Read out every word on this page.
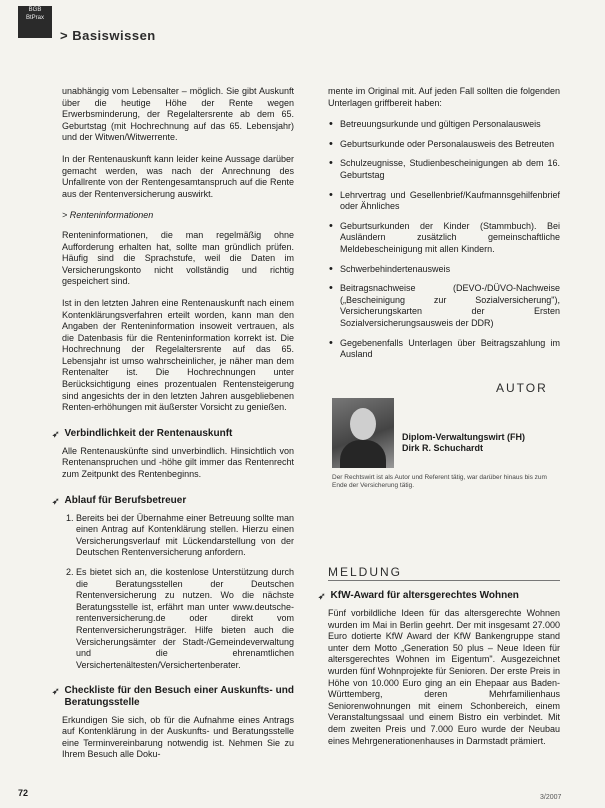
BGB
BtPrax
> Basiswissen

unabhängig vom Lebensalter – möglich. Sie gibt Auskunft über die heutige Höhe der Rente wegen Erwerbsminderung, der Regelaltersrente ab dem 65. Geburtstag (mit Hochrechnung auf das 65. Lebensjahr) und der Witwen/Witwerrente.

In der Rentenauskunft kann leider keine Aussage darüber gemacht werden, was nach der Anrechnung des Unfallrente von der Rentengesamtanspruch auf die Rente aus der Rentenversicherung auswirkt.

> Renteninformationen

Renteninformationen, die man regelmäßig ohne Aufforderung erhalten hat, sollte man gründlich prüfen. Häufig sind die Sprachstufe, weil die Daten im Versicherungskonto nicht vollständig und richtig gespeichert sind.

Ist in den letzten Jahren eine Rentenauskunft nach einem Kontenklärungsverfahren erteilt worden, kann man den Angaben der Renteninformation insoweit vertrauen, als die Datenbasis für die Renteninformation korrekt ist. Die Hochrechnung der Regelaltersrente auf das 65. Lebensjahr ist umso wahrscheinlicher, je näher man dem Rentenalter ist. Die Hochrechnungen unter Berücksichtigung eines prozentualen Rentensteigerung sind angesichts der in den letzten Jahren ausgebliebenen Renten-erhöhungen mit äußerster Vorsicht zu genießen.

➶ Verbindlichkeit der Rentenauskunft

Alle Rentenauskünfte sind unverbindlich. Hinsichtlich von Rentenanspruchen und -höhe gilt immer das Rentenrecht zum Zeitpunkt des Rentenbeginns.

➶ Ablauf für Berufsbetreuer
1. Bereits bei der Übernahme einer Betreuung sollte man einen Antrag auf Kontenklärung stellen. Hierzu einen Versicherungsverlauf mit Lückendarstellung von der Deutschen Rentenversicherung anfordern.
2. Es bietet sich an, die kostenlose Unterstützung durch die Beratungsstellen der Deutschen Rentenversicherung zu nutzen. Wo die nächste Beratungsstelle ist, erfährt man unter www.deutsche-rentenversicherung.de oder direkt vom Rentenversicherungsträger. Hilfe bieten auch die Versicherungsämter der Stadt-/Gemeindeverwaltung und die ehrenamtlichen Versichertenältesten/Versichertenberater.
➶ Checkliste für den Besuch einer Auskunfts- und Beratungsstelle

Erkundigen Sie sich, ob für die Aufnahme eines Antrags auf Kontenklärung in der Auskunfts- und Beratungsstelle eine Terminvereinbarung notwendig ist. Nehmen Sie zu Ihrem Besuch alle Doku-

mente im Original mit. Auf jeden Fall sollten die folgenden Unterlagen griffbereit haben:

• Betreuungsurkunde und gültigen Personalausweis
• Geburtsurkunde oder Personalausweis des Betreuten
• Schulzeugnisse, Studienbescheinigungen ab dem 16. Geburtstag
• Lehrvertrag und Gesellenbrief/Kaufmannsgehilfenbrief oder Ähnliches
• Geburtsurkunden der Kinder (Stammbuch). Bei Ausländern zusätzlich gemeinschaftliche Meldebescheinigung mit allen Kindern.
• Schwerbehindertenausweis
• Beitragsnachweise (DEVO-/DÜVO-Nachweise („Bescheinigung zur Sozialversicherung"), Versicherungskarten der Ersten Sozialversicherungsausweis der DDR)
• Gegebenenfalls Unterlagen über Beitragszahlung im Ausland
AUTOR
Diplom-Verwaltungswirt (FH)
Dirk R. Schuchardt
Der Rechtswirt ist als Autor und Referent tätig, war darüber hinaus bis zum Ende der Versicherung tätig.
MELDUNG
➶ KfW-Award für altersgerechtes Wohnen

Fünf vorbildliche Ideen für das altersgerechte Wohnen wurden im Mai in Berlin geehrt. Der mit insgesamt 27.000 Euro dotierte KfW Award der KfW Bankengruppe stand unter dem Motto „Generation 50 plus – Neue Ideen für altersgerechtes Wohnen im Eigentum". Ausgezeichnet wurden fünf Wohnprojekte für Senioren. Der erste Preis in Höhe von 10.000 Euro ging an ein Ehepaar aus Baden-Württemberg, deren Mehrfamilienhaus Seniorenwohnungen mit einem Schonbereich, einem Veranstaltungssaal und einem Bistro ein verbindet. Mit dem zweiten Preis und 7.000 Euro wurde der Neubau eines Mehrgenerationenhauses in Darmstadt prämiert.

72	3/2007
